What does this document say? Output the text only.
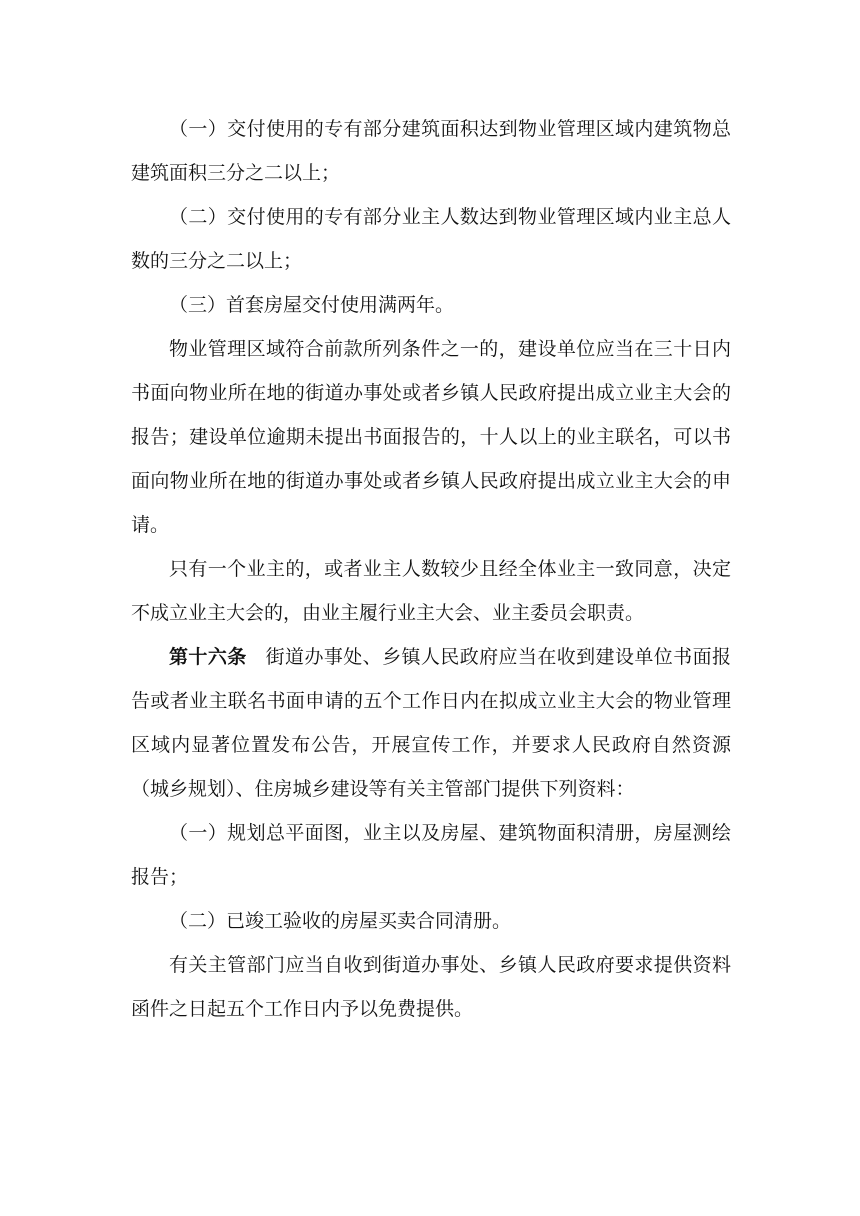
（一）交付使用的专有部分建筑面积达到物业管理区域内建筑物总建筑面积三分之二以上；

（二）交付使用的专有部分业主人数达到物业管理区域内业主总人数的三分之二以上；

（三）首套房屋交付使用满两年。

物业管理区域符合前款所列条件之一的，建设单位应当在三十日内书面向物业所在地的街道办事处或者乡镇人民政府提出成立业主大会的报告；建设单位逾期未提出书面报告的，十人以上的业主联名，可以书面向物业所在地的街道办事处或者乡镇人民政府提出成立业主大会的申请。

只有一个业主的，或者业主人数较少且经全体业主一致同意，决定不成立业主大会的，由业主履行业主大会、业主委员会职责。

第十六条 街道办事处、乡镇人民政府应当在收到建设单位书面报告或者业主联名书面申请的五个工作日内在拟成立业主大会的物业管理区域内显著位置发布公告，开展宣传工作，并要求人民政府自然资源（城乡规划）、住房城乡建设等有关主管部门提供下列资料：

（一）规划总平面图，业主以及房屋、建筑物面积清册，房屋测绘报告；

（二）已竣工验收的房屋买卖合同清册。

有关主管部门应当自收到街道办事处、乡镇人民政府要求提供资料函件之日起五个工作日内予以免费提供。
